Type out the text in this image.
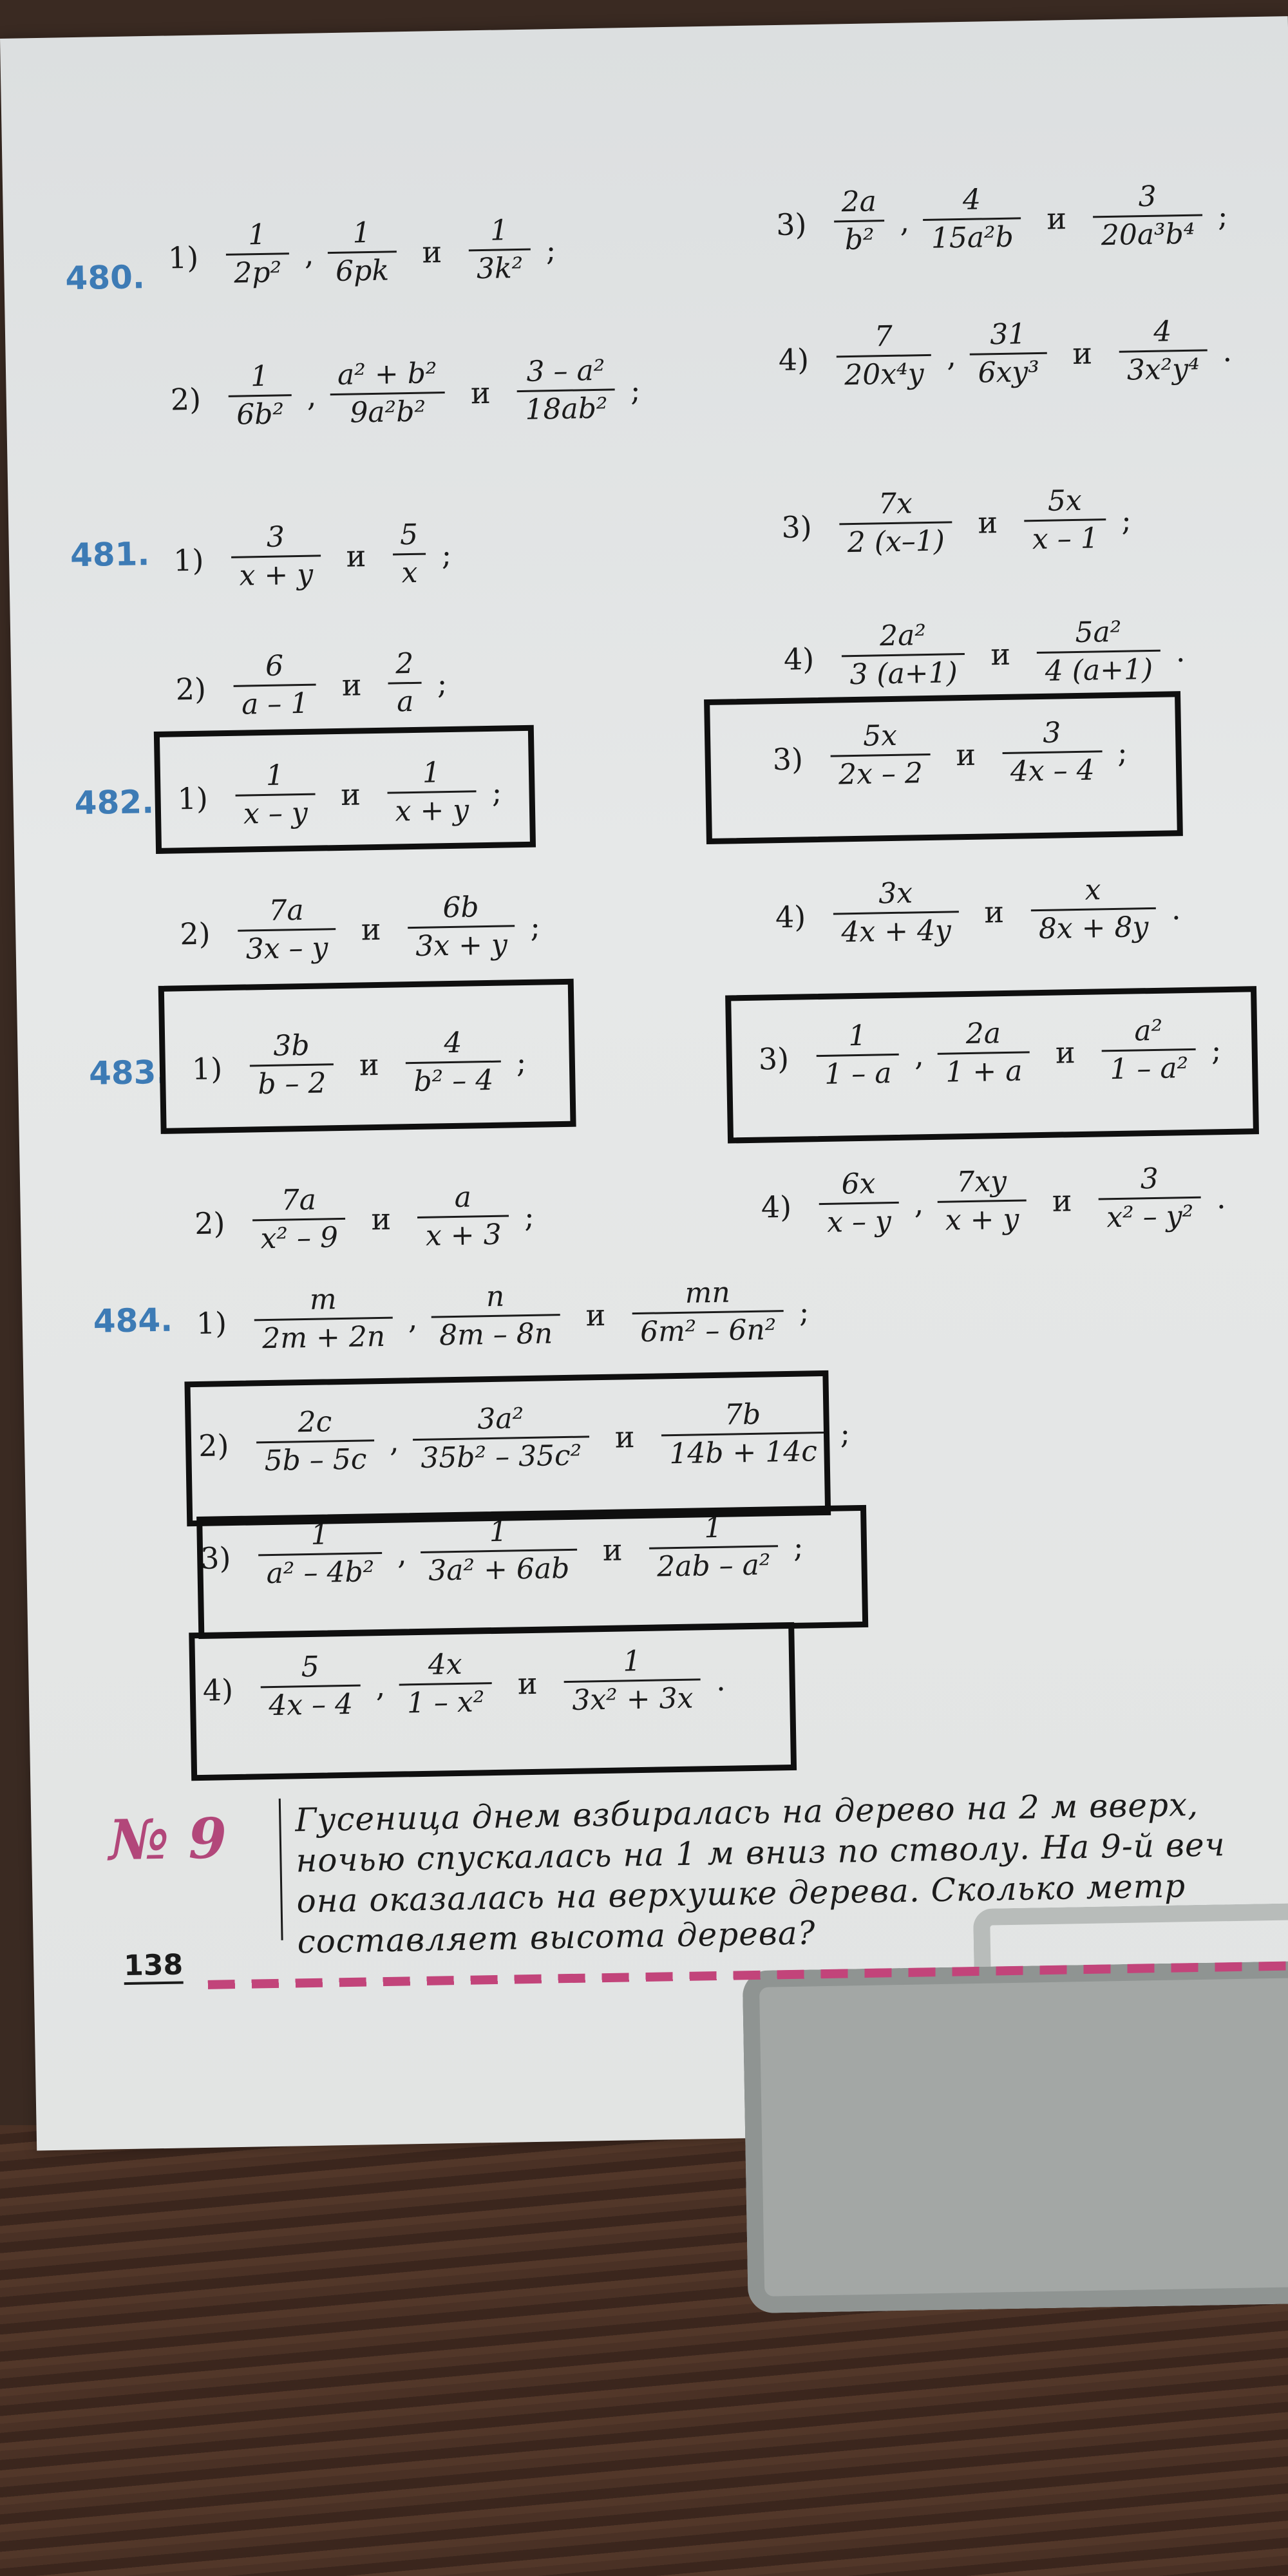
№ 9 Гусеница днем взбиралась на дерево на 2 м вверх,
ночью спускалась на 1 м вниз по стволу. На 9-й веч
она оказалась на верхушке дерева. Сколько метр
составляет высота дерева?
138
480.
$1) \frac{1}{\text{2p²}}$ , $\frac{1}{6pk}$ и $\frac{1}{\text{3k²}}$ ;
$2) \frac{1}{\text{6b²}}$ , $\frac{\text{a² + b²}}{\text{9a²b²}}$ и $\frac{\text{3 – a²}}{\text{18ab²}}$ ;
$3) \frac{2a}{\text{b²}}$ , $\frac{4}{\text{15a²b}}$ и $\frac{3}{\text{20a³b⁴}}$ ;
$4) \frac{7}{\text{20x⁴y}}$ , $\frac{31}{\text{6xy³}}$ и $\frac{4}{\text{3x²y⁴}}$ .
481. $1) \frac{3}{x + y}$ и $\frac{5}{x}$ ;
$2) \frac{6}{a - 1}$ и $\frac{2}{a}$ ;
$3) \frac{7x}{2 (x-1)}$ и $\frac{5x}{x - 1}$ ;
$4) \frac{\text{2a²}}{3 (a+1)}$ и $\frac{\text{5a²}}{4 (a+1)}$ .
482. $1) \frac{1}{x - y}$ и $\frac{1}{x + y}$ ;
$2) \frac{7a}{3x - y}$ и $\frac{6b}{3x + y}$ ;
$3) \frac{5x}{2x - 2}$ и $\frac{3}{4x - 4}$ ;
$4) \frac{3x}{4x + 4y}$ и $\frac{x}{8x + 8y}$ .
483. $1) \frac{3b}{b - 2}$ и $\frac{4}{\text{b² – 4}}$ ;
$2) \frac{7a}{\text{x² – 9}}$ и $\frac{a}{x + 3}$ ;
$3) \frac{1}{1 - a}$ , $\frac{2a}{1 + a}$ и $\frac{\text{a²}}{\text{1 – a²}}$ ;
$4) \frac{6x}{x - y}$ , $\frac{7xy}{x + y}$ и $\frac{3}{\text{x² – y²}}$ .
484. $1) \frac{m}{2m + 2n}$ , $\frac{n}{8m - 8n}$ и $\frac{mn}{\text{6m² – 6n²}}$ ;
$2) \frac{2c}{5b - 5c}$ , $\frac{\text{3a²}}{\text{35b² – 35c²}}$ и $\frac{7b}{14b + 14c}$ ;
$3) \frac{1}{\text{a² – 4b²}}$ , $\frac{1}{\text{3a² + 6ab}}$ и $\frac{1}{\text{2ab – a²}}$ ;
$4) \frac{5}{4x - 4}$ , $\frac{4x}{\text{1 – x²}}$ и $\frac{1}{\text{3x² + 3x}}$ .
